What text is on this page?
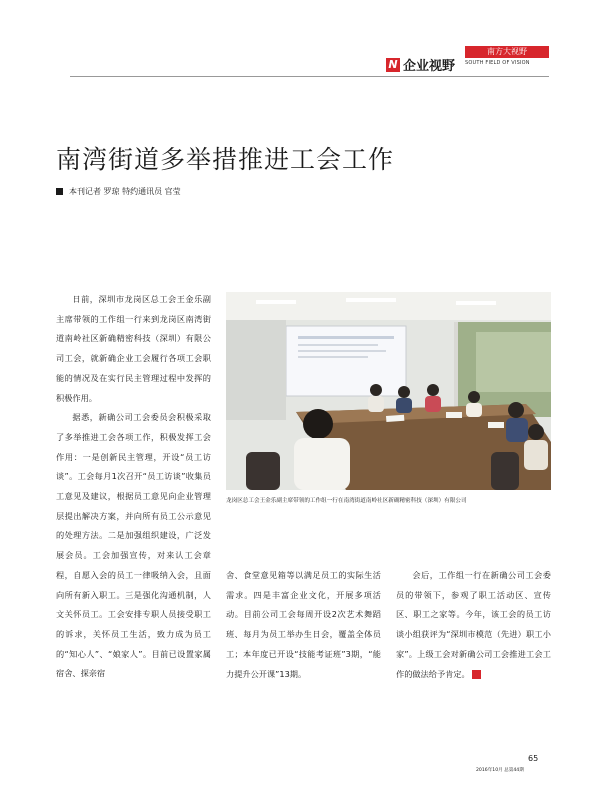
N 企业视野
南方大视野
SOUTH FIELD OF VISION
南湾街道多举措推进工会工作
本刊记者 罗琼 特约通讯员 官莹

日前，深圳市龙岗区总工会王金乐副主席带领的工作组一行来到龙岗区南湾街道南岭社区新确精密科技（深圳）有限公司工会，就新确企业工会履行各项工会职能的情况及在实行民主管理过程中发挥的积极作用。

据悉，新确公司工会委员会积极采取了多举推进工会各项工作，积极发挥工会作用：一是创新民主管理，开设“员工访谈”。工会每月1次召开“员工访谈”收集员工意见及建议，根据员工意见向企业管理层提出解决方案，并向所有员工公示意见的处理方法。二是加强组织建设，广泛发展会员。工会加强宣传，对来认工会章程，自愿入会的员工一律吸纳入会，且面向所有新入职工。三是强化沟通机制，人文关怀员工。工会安排专职人员接受职工的诉求，关怀员工生活，致力成为员工的“知心人”、“娘家人”。目前已设置家属宿舍、探亲宿

龙岗区总工会王金乐副主席带领的工作组一行在南湾街道南岭社区新确精密科技（深圳）有限公司

舍、食堂意见箱等以满足员工的实际生活需求。四是丰富企业文化，开展多项活动。目前公司工会每周开设2次艺术舞蹈班、每月为员工举办生日会，覆盖全体员工；本年度已开设“技能考证班”3期，“能力提升公开课”13期。

会后，工作组一行在新确公司工会委员的带领下，参观了职工活动区、宣传区、职工之家等。今年，该工会的员工访谈小组获评为“深圳市模范（先进）职工小家”。上级工会对新确公司工会推进工会工作的做法给予肯定。	N

65
2016年10月 总第44期
